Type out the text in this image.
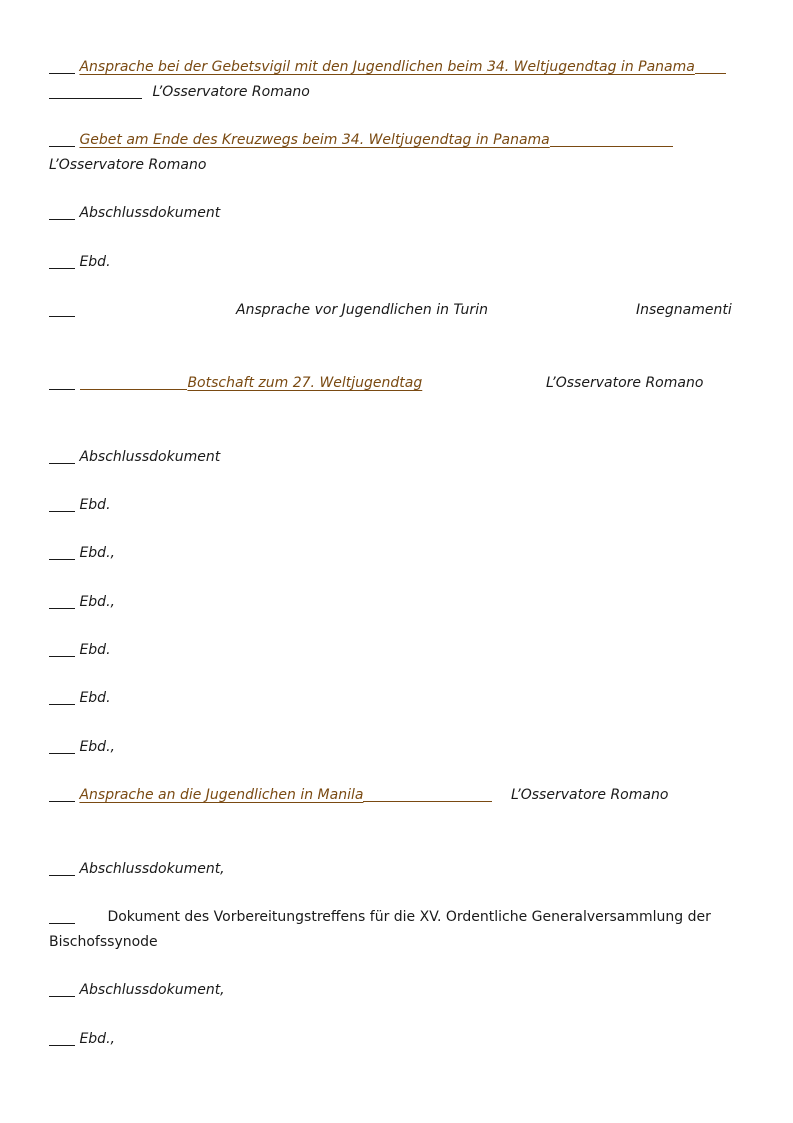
Ansprache bei der Gebetsvigil mit den Jugendlichen beim 34. Weltjugendtag in Panama
L’Osservatore Romano
Gebet am Ende des Kreuzwegs beim 34. Weltjugendtag in Panama
L’Osservatore Romano
Abschlussdokument
Ebd.
Ansprache vor Jugendlichen in Turin	Insegnamenti
Botschaft zum 27. Weltjugendtag	L’Osservatore Romano
Abschlussdokument
Ebd.
Ebd.,
Ebd.,
Ebd.
Ebd.
Ebd.,
Ansprache an die Jugendlichen in Manila	L’Osservatore Romano
Abschlussdokument,
Dokument des Vorbereitungstreffens für die XV. Ordentliche Generalversammlung der
Bischofssynode
Abschlussdokument,
Ebd.,
